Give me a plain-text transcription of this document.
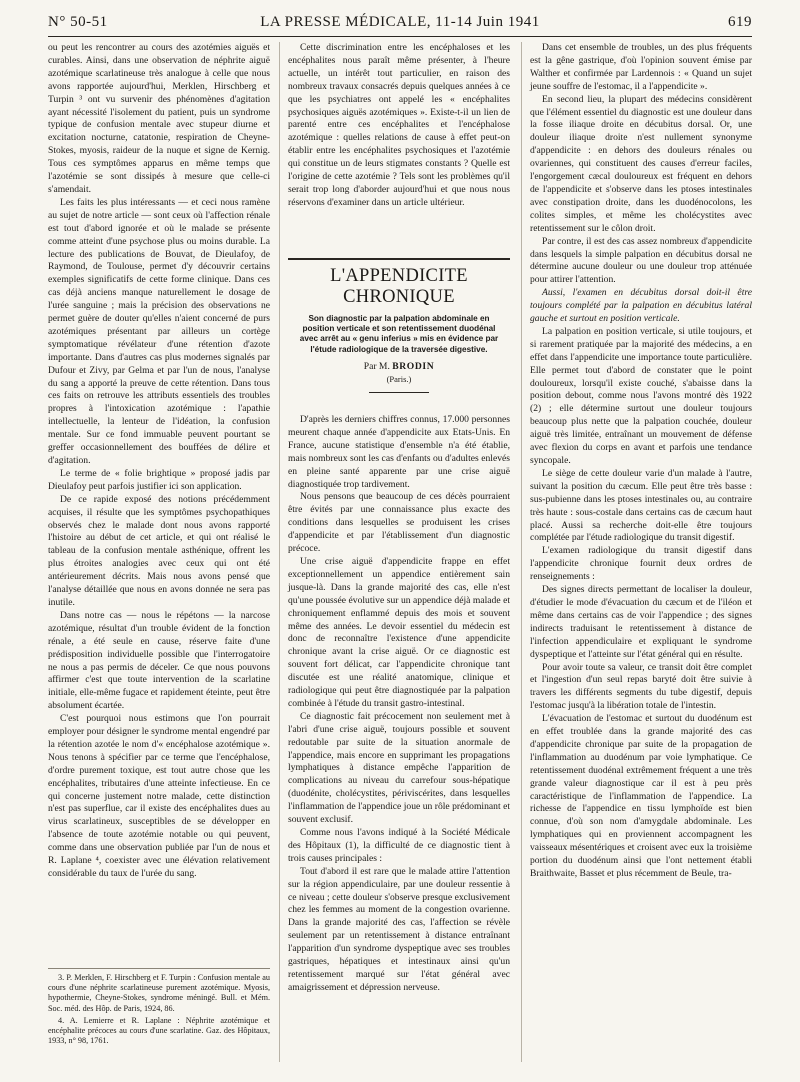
N° 50-51	LA PRESSE MÉDICALE, 11-14 Juin 1941	619

ou peut les rencontrer au cours des azotémies aiguës et curables. Ainsi, dans une observation de néphrite aiguë azotémique scarlatineuse très analogue à celle que nous avons rapportée aujourd'hui, Merklen, Hirschberg et Turpin ³ ont vu survenir des phénomènes d'agitation ayant nécessité l'isolement du patient, puis un syndrome typique de confusion mentale avec stupeur diurne et excitation nocturne, catatonie, respiration de Cheyne-Stokes, myosis, raideur de la nuque et signe de Kernig. Tous ces symptômes apparus en même temps que l'azotémie se sont dissipés à mesure que celle-ci s'amendait.

Les faits les plus intéressants — et ceci nous ramène au sujet de notre article — sont ceux où l'affection rénale est tout d'abord ignorée et où le malade se présente comme atteint d'une psychose plus ou moins durable. La lecture des publications de Bouvat, de Dieulafoy, de Raymond, de Toulouse, permet d'y découvrir certains exemples significatifs de cette forme clinique. Dans ces cas déjà anciens manque naturellement le dosage de l'urée sanguine ; mais la précision des observations ne permet guère de douter qu'elles n'aient concerné de purs azotémiques présentant par ailleurs un cortège symptomatique révélateur d'une rétention d'azote importante. Dans d'autres cas plus modernes signalés par Dufour et Zivy, par Gelma et par l'un de nous, l'analyse du sang a apporté la preuve de cette rétention. Dans tous ces faits on retrouve les attributs essentiels des troubles propres à l'intoxication azotémique : l'apathie intellectuelle, la lenteur de l'idéation, la confusion mentale. Sur ce fond immuable peuvent pourtant se greffer occasionnellement des bouffées de délire et d'agitation.

Le terme de « folie brightique » proposé jadis par Dieulafoy peut parfois justifier ici son application.

De ce rapide exposé des notions précédemment acquises, il résulte que les symptômes psychopathiques observés chez le malade dont nous avons rapporté l'histoire au début de cet article, et qui ont réalisé le tableau de la confusion mentale asthénique, offrent les plus étroites analogies avec ceux qui ont été antérieurement décrits. Mais nous avons pensé que l'analyse détaillée que nous en avons donnée ne sera pas inutile.

Dans notre cas — nous le répétons — la narcose azotémique, résultat d'un trouble évident de la fonction rénale, a été seule en cause, réserve faite d'une prédisposition individuelle possible que l'interrogatoire ne nous a pas permis de déceler. Ce que nous pouvons affirmer c'est que toute intervention de la scarlatine initiale, elle-même fugace et rapidement éteinte, peut être absolument écartée.

C'est pourquoi nous estimons que l'on pourrait employer pour désigner le syndrome mental engendré par la rétention azotée le nom d'« encéphalose azotémique ». Nous tenons à spécifier par ce terme que l'encéphalose, d'ordre purement toxique, est tout autre chose que les encéphalites, tributaires d'une atteinte infectieuse. En ce qui concerne justement notre malade, cette distinction n'est pas superflue, car il existe des encéphalites dues au virus scarlatineux, susceptibles de se développer en l'absence de toute azotémie notable ou qui peuvent, comme dans une observation publiée par l'un de nous et R. Laplane ⁴, coexister avec une élévation relativement considérable du taux de l'urée du sang.

3. P. Merklen, F. Hirschberg et F. Turpin : Confusion mentale au cours d'une néphrite scarlatineuse purement azotémique. Myosis, hypothermie, Cheyne-Stokes, syndrome méningé. Bull. et Mém. Soc. méd. des Hôp. de Paris, 1924, 86.

4. A. Lemierre et R. Laplane : Néphrite azotémique et encéphalite précoces au cours d'une scarlatine. Gaz. des Hôpitaux, 1933, n° 98, 1761.

Cette discrimination entre les encéphaloses et les encéphalites nous paraît même présenter, à l'heure actuelle, un intérêt tout particulier, en raison des nombreux travaux consacrés depuis quelques années à ce que les psychiatres ont appelé les « encéphalites psychosiques aiguës azotémiques ». Existe-t-il un lien de parenté entre ces encéphalites et l'encéphalose azotémique : quelles relations de cause à effet peut-on établir entre les encéphalites psychosiques et l'azotémie qui constitue un de leurs stigmates constants ? Quelle est l'origine de cette azotémie ? Tels sont les problèmes qu'il serait trop long d'aborder aujourd'hui et que nous nous réservons d'examiner dans un article ultérieur.

L'APPENDICITE CHRONIQUE
Son diagnostic par la palpation abdominale en position verticale et son retentissement duodénal avec arrêt au « genu inferius » mis en évidence par l'étude radiologique de la traversée digestive.
Par M. BRODIN
(Paris.)

D'après les derniers chiffres connus, 17.000 personnes meurent chaque année d'appendicite aux Etats-Unis. En France, aucune statistique d'ensemble n'a été établie, mais nombreux sont les cas d'enfants ou d'adultes enlevés en pleine santé apparente par une crise aiguë diagnostiquée trop tardivement.

Nous pensons que beaucoup de ces décès pourraient être évités par une connaissance plus exacte des conditions dans lesquelles se produisent les crises d'appendicite et par l'établissement d'un diagnostic précoce.

Une crise aiguë d'appendicite frappe en effet exceptionnellement un appendice entièrement sain jusque-là. Dans la grande majorité des cas, elle n'est qu'une poussée évolutive sur un appendice déjà malade et chroniquement enflammé depuis des mois et souvent même des années. Le devoir essentiel du médecin est donc de reconnaître l'existence d'une appendicite chronique avant la crise aiguë. Or ce diagnostic est souvent fort délicat, car l'appendicite chronique tant discutée est une réalité anatomique, clinique et radiologique qui peut être diagnostiquée par la palpation combinée à l'étude du transit gastro-intestinal.

Ce diagnostic fait précocement non seulement met à l'abri d'une crise aiguë, toujours possible et souvent redoutable par suite de la situation anormale de l'appendice, mais encore en supprimant les propagations lymphatiques à distance empêche l'apparition de complications au niveau du carrefour sous-hépatique (duodénite, cholécystites, périviscérites, dans lesquelles l'inflammation de l'appendice joue un rôle prédominant et souvent exclusif.

Comme nous l'avons indiqué à la Société Médicale des Hôpitaux (1), la difficulté de ce diagnostic tient à trois causes principales :

Tout d'abord il est rare que le malade attire l'attention sur la région appendiculaire, par une douleur ressentie à ce niveau ; cette douleur s'observe presque exclusivement chez les femmes au moment de la congestion ovarienne. Dans la grande majorité des cas, l'affection se révèle seulement par un retentissement à distance entraînant l'apparition d'un syndrome dyspeptique avec ses troubles gastriques, hépatiques et intestinaux ainsi qu'un retentissement marqué sur l'état général avec amaigrissement et dépression nerveuse.

Dans cet ensemble de troubles, un des plus fréquents est la gêne gastrique, d'où l'opinion souvent émise par Walther et confirmée par Lardennois : « Quand un sujet jeune souffre de l'estomac, il a l'appendicite ».

En second lieu, la plupart des médecins considèrent que l'élément essentiel du diagnostic est une douleur dans la fosse iliaque droite en décubitus dorsal. Or, une douleur iliaque droite n'est nullement synonyme d'appendicite : en dehors des douleurs rénales ou ovariennes, qui constituent des causes d'erreur faciles, l'engorgement cæcal douloureux est fréquent en dehors de l'appendicite et s'observe dans les ptoses intestinales avec constipation droite, dans les duodénocolons, les colites simples, et même les cholécystites avec retentissement sur le côlon droit.

Par contre, il est des cas assez nombreux d'appendicite dans lesquels la simple palpation en décubitus dorsal ne détermine aucune douleur ou une douleur trop atténuée pour attirer l'attention.

Aussi, l'examen en décubitus dorsal doit-il être toujours complété par la palpation en décubitus latéral gauche et surtout en position verticale.

La palpation en position verticale, si utile toujours, et si rarement pratiquée par la majorité des médecins, a en effet dans l'appendicite une importance toute particulière. Elle permet tout d'abord de constater que le point douloureux, lorsqu'il existe couché, s'abaisse dans la position debout, comme nous l'avons montré dès 1922 (2) ; elle détermine surtout une douleur toujours beaucoup plus nette que la palpation couchée, douleur aiguë très limitée, entraînant un mouvement de défense avec flexion du corps en avant et parfois une tendance syncopale.

Le siège de cette douleur varie d'un malade à l'autre, suivant la position du cæcum. Elle peut être très basse : sus-pubienne dans les ptoses intestinales ou, au contraire très haute : sous-costale dans certains cas de cæcum haut placé. Aussi sa recherche doit-elle être toujours complétée par l'étude radiologique du transit digestif.

L'examen radiologique du transit digestif dans l'appendicite chronique fournit deux ordres de renseignements :

Des signes directs permettant de localiser la douleur, d'étudier le mode d'évacuation du cæcum et de l'iléon et même dans certains cas de voir l'appendice ; des signes indirects traduisant le retentissement à distance de l'infection appendiculaire et expliquant le syndrome dyspeptique et l'atteinte sur l'état général qui en résulte.

Pour avoir toute sa valeur, ce transit doit être complet et l'ingestion d'un seul repas baryté doit être suivie à travers les différents segments du tube digestif, depuis l'estomac jusqu'à la libération totale de l'intestin.

L'évacuation de l'estomac et surtout du duodénum est en effet troublée dans la grande majorité des cas d'appendicite chronique par suite de la propagation de l'inflammation au duodénum par voie lymphatique. Ce retentissement duodénal extrêmement fréquent a une très grande valeur diagnostique car il est à peu près caractéristique de l'inflammation de l'appendice. La richesse de l'appendice en tissu lymphoïde est bien connue, d'où son nom d'amygdale abdominale. Les lymphatiques qui en proviennent accompagnent les vaisseaux mésentériques et croisent avec eux la troisième portion du duodénum ainsi que l'ont nettement établi Braithwaite, Basset et plus récemment de Beule, tra-
